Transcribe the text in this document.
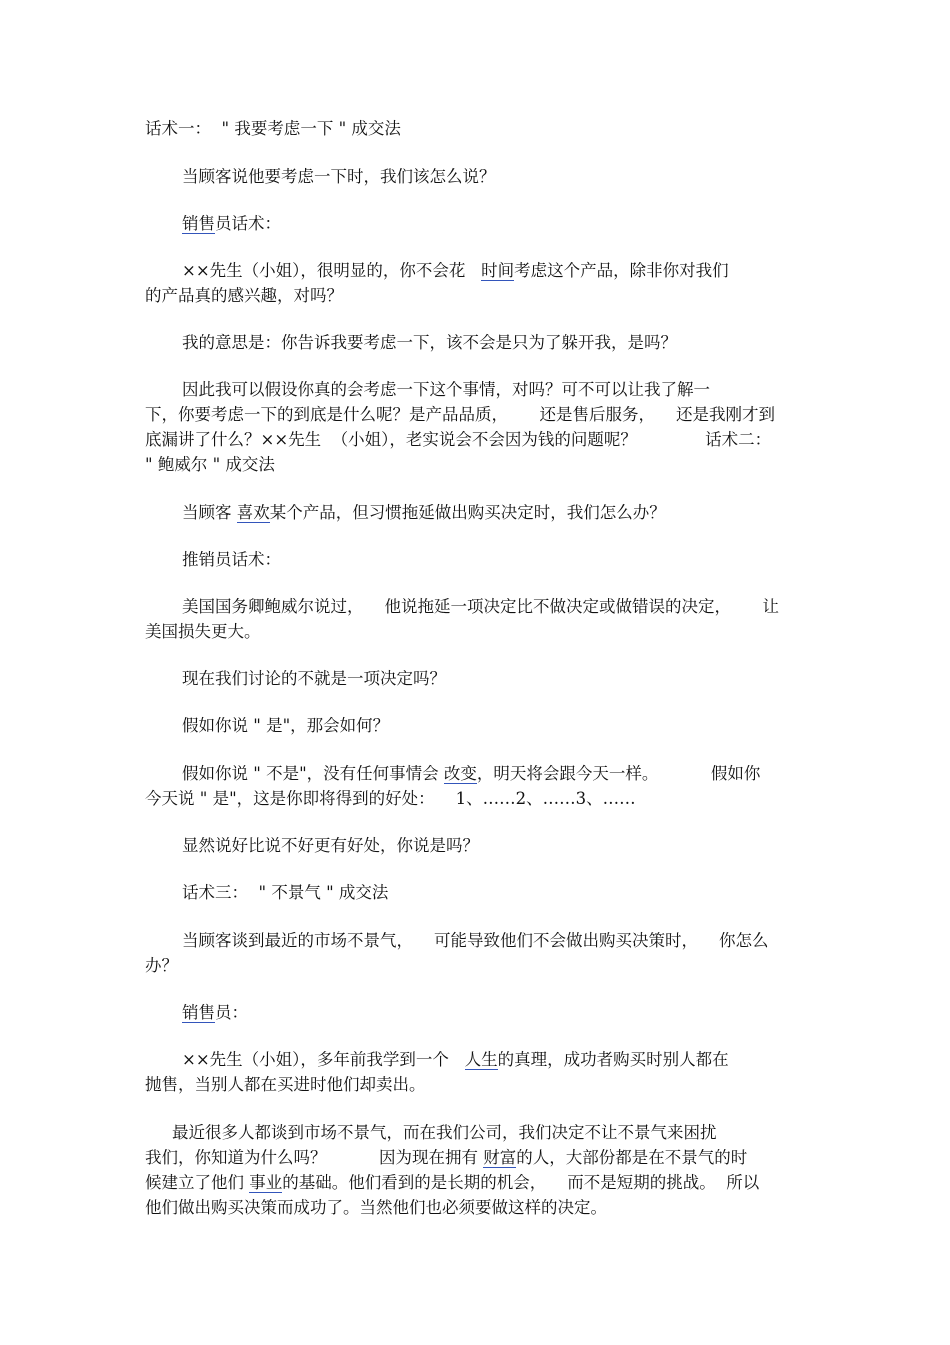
话术一：  " 我要考虑一下 " 成交法
当顾客说他要考虑一下时，我们该怎么说？
销售员话术：
××先生（小姐），很明显的，你不会花   时间考虑这个产品，除非你对我们
的产品真的感兴趣，对吗？
我的意思是：你告诉我要考虑一下，该不会是只为了躲开我，是吗？
因此我可以假设你真的会考虑一下这个事情，对吗？可不可以让我了解一
下，你要考虑一下的到底是什么呢？是产品品质，      还是售后服务，    还是我刚才到
底漏讲了什么？××先生  （小姐），老实说会不会因为钱的问题呢？             话术二：
" 鲍威尔 " 成交法
当顾客 喜欢某个产品，但习惯拖延做出购买决定时，我们怎么办？
推销员话术：
美国国务卿鲍威尔说过，    他说拖延一项决定比不做决定或做错误的决定，      让
美国损失更大。
现在我们讨论的不就是一项决定吗？
假如你说 " 是"，那会如何？
假如你说 " 不是"，没有任何事情会 改变，明天将会跟今天一样。          假如你
今天说 " 是"，这是你即将得到的好处：    1、……2、……3、……
显然说好比说不好更有好处，你说是吗？
话术三：  " 不景气 " 成交法
当顾客谈到最近的市场不景气，    可能导致他们不会做出购买决策时，    你怎么
办？
销售员：
××先生（小姐），多年前我学到一个   人生的真理，成功者购买时别人都在
抛售，当别人都在买进时他们却卖出。
最近很多人都谈到市场不景气，而在我们公司，我们决定不让不景气来困扰
我们，你知道为什么吗？          因为现在拥有 财富的人，大部份都是在不景气的时
候建立了他们 事业的基础。他们看到的是长期的机会，    而不是短期的挑战。  所以
他们做出购买决策而成功了。当然他们也必须要做这样的决定。
